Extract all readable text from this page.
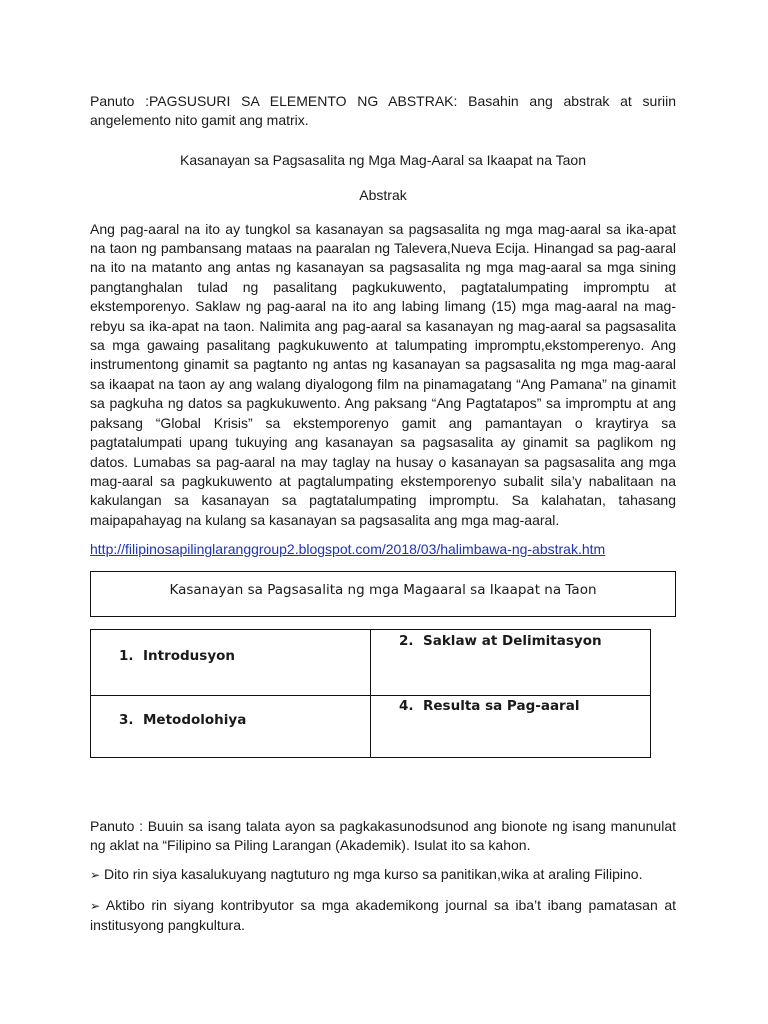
Panuto :PAGSUSURI SA ELEMENTO NG ABSTRAK: Basahin ang abstrak at suriin angelemento nito gamit ang matrix.

Kasanayan sa Pagsasalita ng Mga Mag-Aaral sa Ikaapat na Taon

Abstrak

Ang pag-aaral na ito ay tungkol sa kasanayan sa pagsasalita ng mga mag-aaral sa ika-apat na taon ng pambansang mataas na paaralan ng Talevera,Nueva Ecija. Hinangad sa pag-aaral na ito na matanto ang antas ng kasanayan sa pagsasalita ng mga mag-aaral sa mga sining pangtanghalan tulad ng pasalitang pagkukuwento, pagtatalumpating impromptu at ekstemporenyo. Saklaw ng pag-aaral na ito ang labing limang (15) mga mag-aaral na mag-rebyu sa ika-apat na taon. Nalimita ang pag-aaral sa kasanayan ng mag-aaral sa pagsasalita sa mga gawaing pasalitang pagkukuwento at talumpating impromptu,ekstomperenyo. Ang instrumentong ginamit sa pagtanto ng antas ng kasanayan sa pagsasalita ng mga mag-aaral sa ikaapat na taon ay ang walang diyalogong film na pinamagatang “Ang Pamana” na ginamit sa pagkuha ng datos sa pagkukuwento. Ang paksang “Ang Pagtatapos” sa impromptu at ang paksang “Global Krisis” sa ekstemporenyo gamit ang pamantayan o kraytirya sa pagtatalumpati upang tukuying ang kasanayan sa pagsasalita ay ginamit sa paglikom ng datos. Lumabas sa pag-aaral na may taglay na husay o kasanayan sa pagsasalita ang mga mag-aaral sa pagkukuwento at pagtalumpating ekstemporenyo subalit sila’y nabalitaan na kakulangan sa kasanayan sa pagtatalumpating impromptu. Sa kalahatan, tahasang maipapahayag na kulang sa kasanayan sa pagsasalita ang mga mag-aaral.

http://filipinosapilinglaranggroup2.blogspot.com/2018/03/halimbawa-ng-abstrak.htm
Kasanayan sa Pagsasalita ng mga Magaaral sa Ikaapat na Taon
1. Introdusyon	2. Saklaw at Delimitasyon
3. Metodolohiya	4. Resulta sa Pag-aaral

Panuto : Buuin sa isang talata ayon sa pagkakasunodsunod ang bionote ng isang manunulat ng aklat na “Filipino sa Piling Larangan (Akademik). Isulat ito sa kahon.

➢ Dito rin siya kasalukuyang nagtuturo ng mga kurso sa panitikan,wika at araling Filipino.

➢ Aktibo rin siyang kontribyutor sa mga akademikong journal sa iba’t ibang pamatasan at institusyong pangkultura.
